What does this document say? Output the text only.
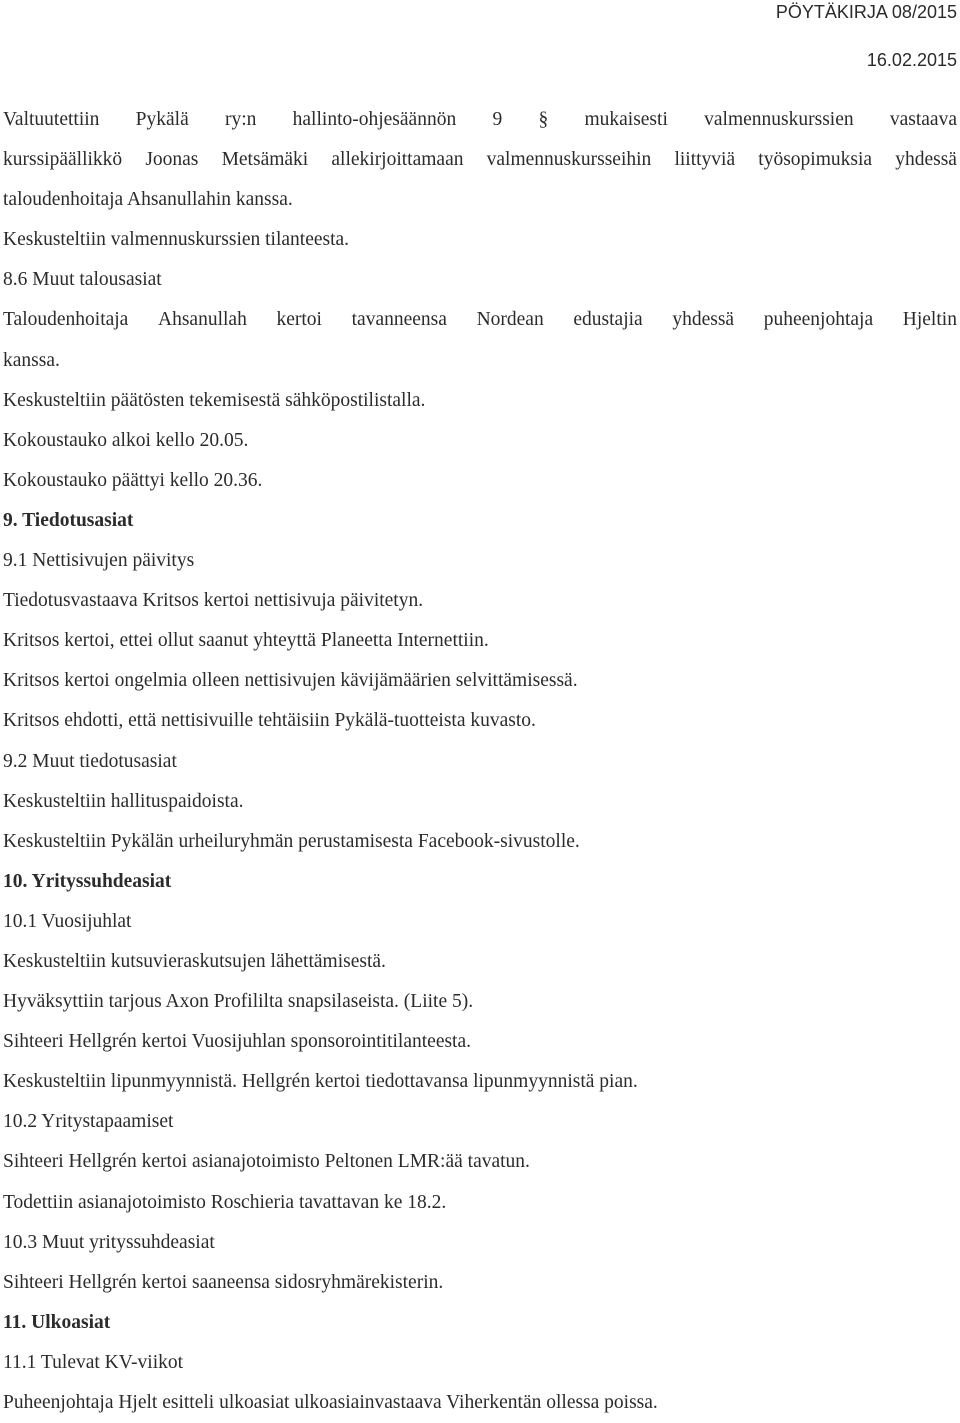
PÖYTÄKIRJA 08/2015
16.02.2015
Valtuutettiin Pykälä ry:n hallinto-ohjesäännön 9 § mukaisesti valmennuskurssien vastaava
kurssipäällikkö Joonas Metsämäki allekirjoittamaan valmennuskursseihin liittyviä työsopimuksia yhdessä
taloudenhoitaja Ahsanullahin kanssa.
Keskusteltiin valmennuskurssien tilanteesta.
8.6 Muut talousasiat
Taloudenhoitaja Ahsanullah kertoi tavanneensa Nordean edustajia yhdessä puheenjohtaja Hjeltin
kanssa.
Keskusteltiin päätösten tekemisestä sähköpostilistalla.
Kokoustauko alkoi kello 20.05.
Kokoustauko päättyi kello 20.36.
9. Tiedotusasiat
9.1 Nettisivujen päivitys
Tiedotusvastaava Kritsos kertoi nettisivuja päivitetyn.
Kritsos kertoi, ettei ollut saanut yhteyttä Planeetta Internettiin.
Kritsos kertoi ongelmia olleen nettisivujen kävijämäärien selvittämisessä.
Kritsos ehdotti, että nettisivuille tehtäisiin Pykälä-tuotteista kuvasto.
9.2 Muut tiedotusasiat
Keskusteltiin hallituspaidoista.
Keskusteltiin Pykälän urheiluryhmän perustamisesta Facebook-sivustolle.
10. Yrityssuhdeasiat
10.1 Vuosijuhlat
Keskusteltiin kutsuvieraskutsujen lähettämisestä.
Hyväksyttiin tarjous Axon Profililta snapsilaseista. (Liite 5).
Sihteeri Hellgrén kertoi Vuosijuhlan sponsorointitilanteesta.
Keskusteltiin lipunmyynnistä. Hellgrén kertoi tiedottavansa lipunmyynnistä pian.
10.2 Yritystapaamiset
Sihteeri Hellgrén kertoi asianajotoimisto Peltonen LMR:ää tavatun.
Todettiin asianajotoimisto Roschieria tavattavan ke 18.2.
10.3 Muut yrityssuhdeasiat
Sihteeri Hellgrén kertoi saaneensa sidosryhmärekisterin.
11. Ulkoasiat
11.1 Tulevat KV-viikot
Puheenjohtaja Hjelt esitteli ulkoasiat ulkoasiainvastaava Viherkentän ollessa poissa.
